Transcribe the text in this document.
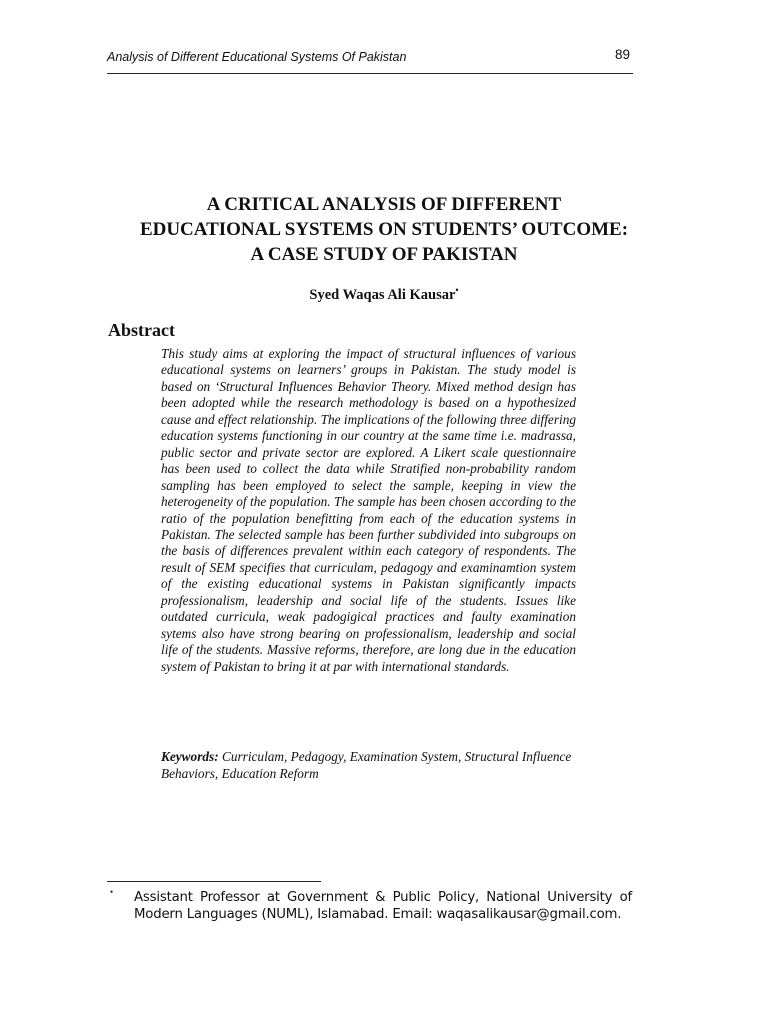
Analysis of Different Educational Systems Of Pakistan	89
A CRITICAL ANALYSIS OF DIFFERENT
EDUCATIONAL SYSTEMS ON STUDENTS’ OUTCOME:
A CASE STUDY OF PAKISTAN
Syed Waqas Ali Kausar•
Abstract
This study aims at exploring the impact of structural influences of various educational systems on learners’ groups in Pakistan. The study model is based on ‘Structural Influences Behavior Theory. Mixed method design has been adopted while the research methodology is based on a hypothesized cause and effect relationship. The implications of the following three differing education systems functioning in our country at the same time i.e. madrassa, public sector and private sector are explored. A Likert scale questionnaire has been used to collect the data while Stratified non-probability random sampling has been employed to select the sample, keeping in view the heterogeneity of the population. The sample has been chosen according to the ratio of the population benefitting from each of the education systems in Pakistan. The selected sample has been further subdivided into subgroups on the basis of differences prevalent within each category of respondents. The result of SEM specifies that curriculam, pedagogy and examinamtion system of the existing educational systems in Pakistan significantly impacts professionalism, leadership and social life of the students. Issues like outdated curricula, weak padogigical practices and faulty examination sytems also have strong bearing on professionalism, leadership and social life of the students. Massive reforms, therefore, are long due in the education system of Pakistan to bring it at par with international standards.
Keywords: Curriculam, Pedagogy, Examination System, Structural Influence Behaviors, Education Reform
• Assistant Professor at Government & Public Policy, National University of Modern Languages (NUML), Islamabad. Email: waqasalikausar@gmail.com.
